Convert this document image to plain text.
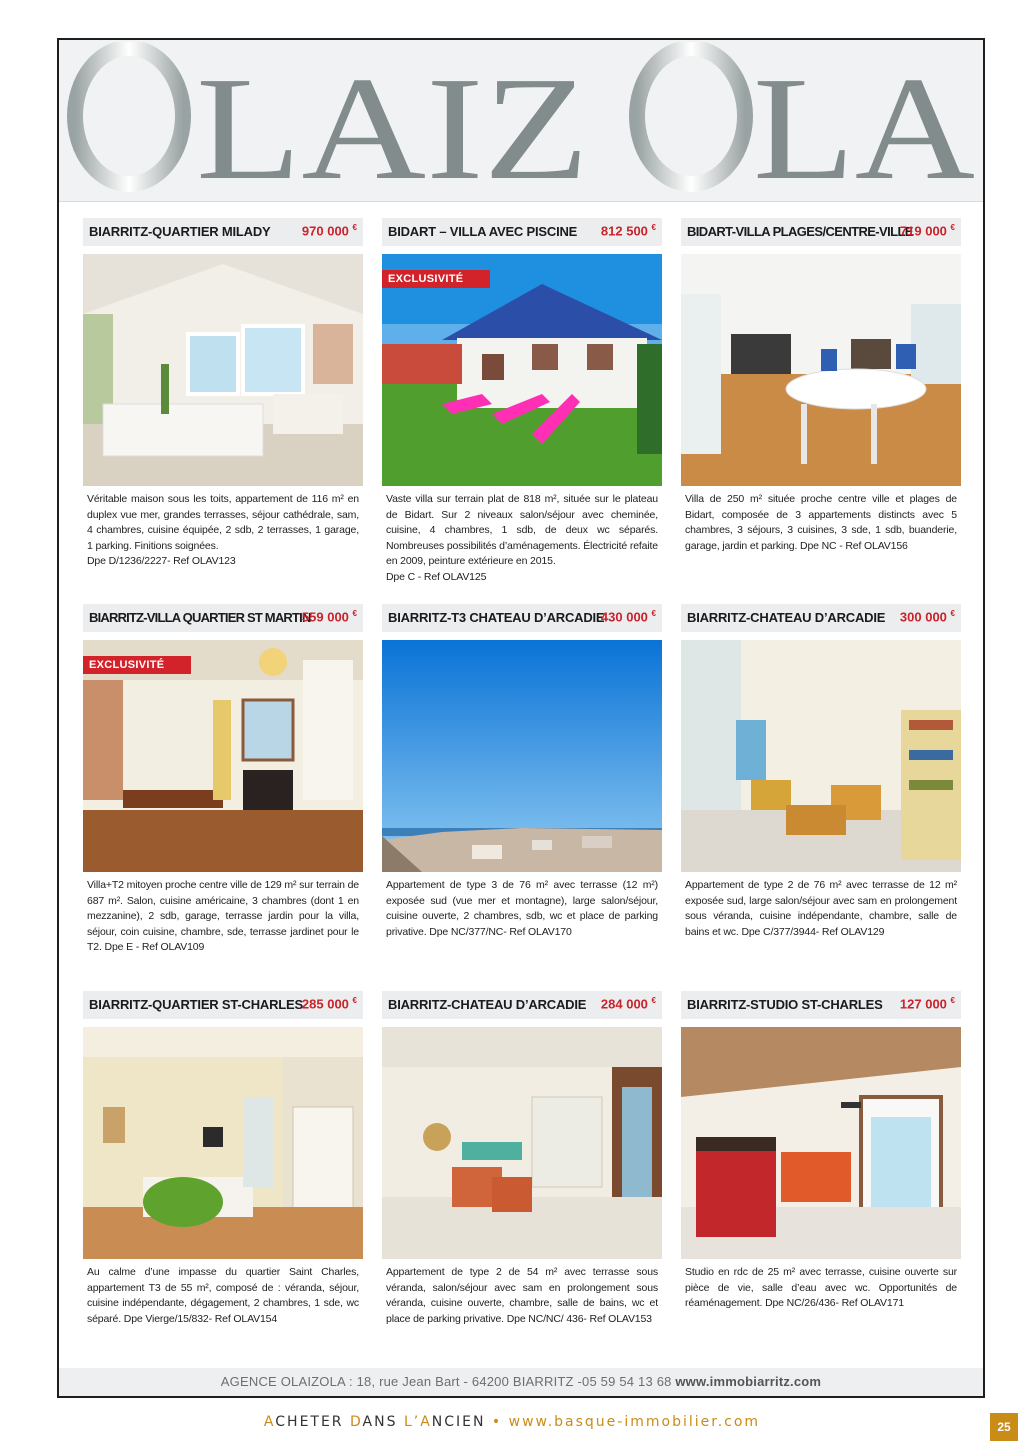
LAIZ LA
BIARRITZ-QUARTIER MILADY 970 000 €
Véritable maison sous les toits, appartement de 116 m² en duplex vue mer, grandes terrasses, séjour cathédrale, sam, 4 chambres, cuisine équipée, 2 sdb, 2 terrasses, 1 garage, 1 parking. Finitions soignées.
Dpe D/1236/2227- Ref OLAV123
BIDART – VILLA AVEC PISCINE 812 500 €
EXCLUSIVITÉ
Vaste villa sur terrain plat de 818 m², située sur le plateau de Bidart. Sur 2 niveaux salon/séjour avec cheminée, cuisine, 4 chambres, 1 sdb, de deux wc séparés. Nombreuses possibilités d’aménagements. Électricité refaite en 2009, peinture extérieure en 2015.
Dpe C - Ref OLAV125
BIDART-VILLA PLAGES/CENTRE-VILLE
719 000 €
Villa de 250 m² située proche centre ville et plages de Bidart, composée de 3 appartements distincts avec 5 chambres, 3 séjours, 3 cuisines, 3 sde, 1 sdb, buanderie, garage, jardin et parking. Dpe NC - Ref OLAV156
BIARRITZ-VILLA QUARTIER ST MARTIN
559 000 €
EXCLUSIVITÉ
Villa+T2 mitoyen proche centre ville de 129 m² sur terrain de 687 m². Salon, cuisine américaine, 3 chambres (dont 1 en mezzanine), 2 sdb, garage, terrasse jardin pour la villa, séjour, coin cuisine, chambre, sde, terrasse jardinet pour le T2. Dpe E - Ref OLAV109
BIARRITZ-T3 CHATEAU D’ARCADIE
430 000 €
Appartement de type 3 de 76 m² avec terrasse (12 m²) exposée sud (vue mer et montagne), large salon/séjour, cuisine ouverte, 2 chambres, sdb, wc et place de parking privative. Dpe NC/377/NC- Ref OLAV170
BIARRITZ-CHATEAU D’ARCADIE 300 000 €
Appartement de type 2 de 76 m² avec terrasse de 12 m² exposée sud, large salon/séjour avec sam en prolongement sous véranda, cuisine indépendante, chambre, salle de bains et wc. Dpe C/377/3944- Ref OLAV129
BIARRITZ-QUARTIER ST-CHARLES
285 000 €
Au calme d’une impasse du quartier Saint Charles, appartement T3 de 55 m², composé de : véranda, séjour, cuisine indépendante, dégagement, 2 chambres, 1 sde, wc séparé. Dpe Vierge/15/832- Ref OLAV154
BIARRITZ-CHATEAU D’ARCADIE 284 000 €
Appartement de type 2 de 54 m² avec terrasse sous véranda, salon/séjour avec sam en prolongement sous véranda, cuisine ouverte, chambre, salle de bains, wc et place de parking privative. Dpe NC/NC/ 436- Ref OLAV153
BIARRITZ-STUDIO ST-CHARLES 127 000 €
Studio en rdc de 25 m² avec terrasse, cuisine ouverte sur pièce de vie, salle d’eau avec wc. Opportunités de réaménagement. Dpe NC/26/436- Ref OLAV171
AGENCE OLAIZOLA : 18, rue Jean Bart - 64200 BIARRITZ -05 59 54 13 68 www.immobiarritz.com
ACHETER DANS L’ANCIEN • www.basque-immobilier.com	25
